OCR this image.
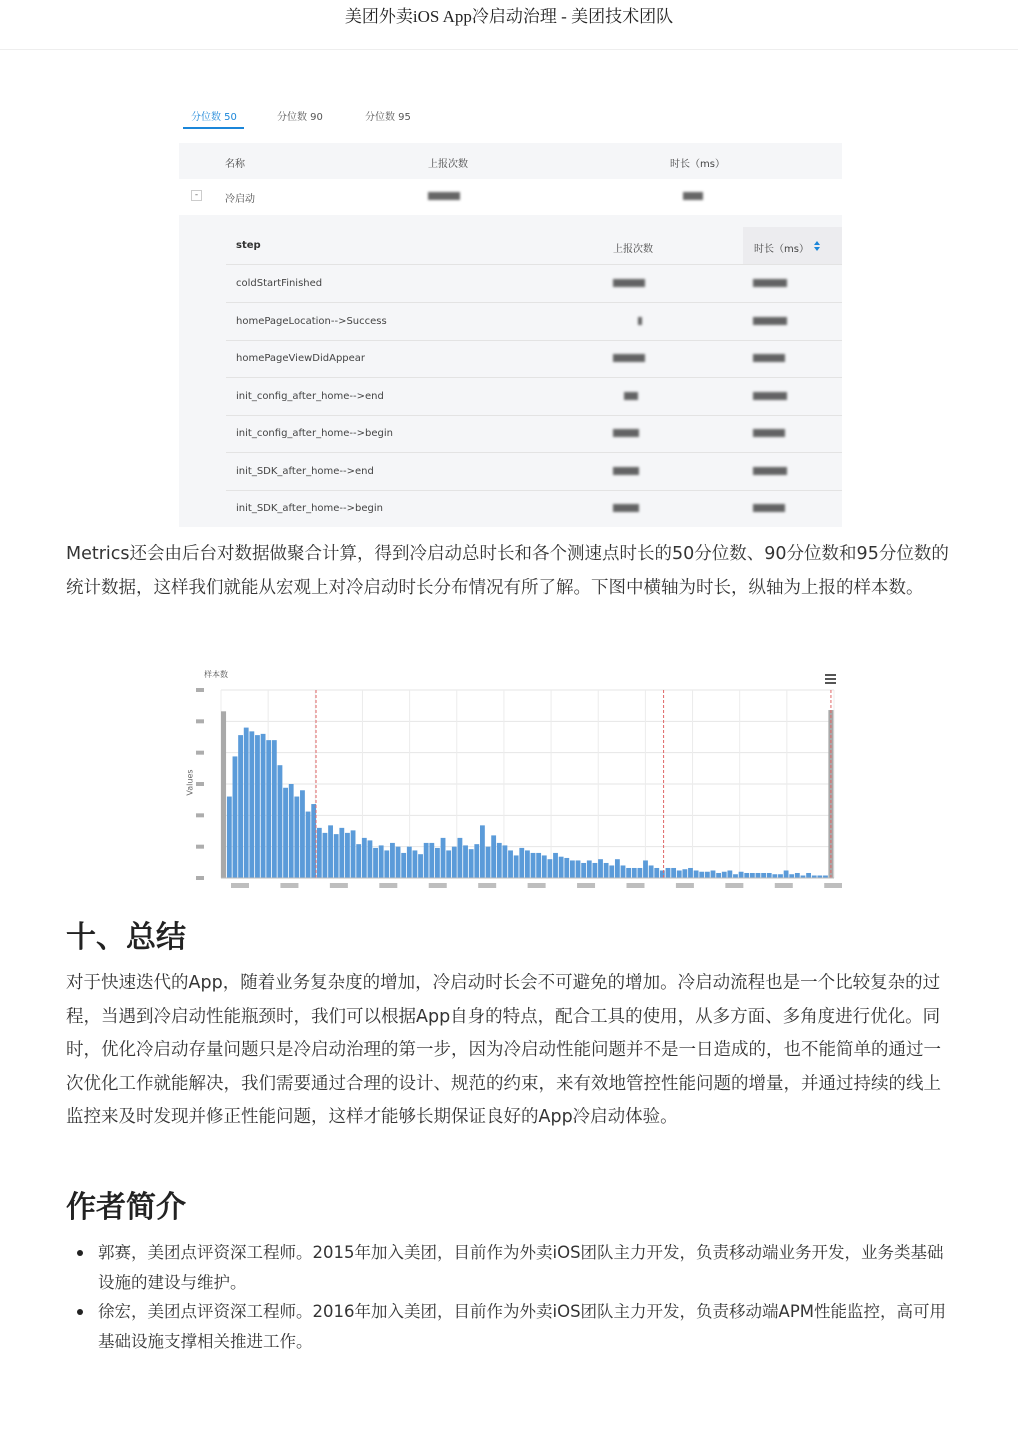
美团外卖iOS App冷启动治理 - 美团技术团队
分位数 50	分位数 90	分位数 95
名称	上报次数	时长（ms）
-	冷启动
step	上报次数	时长（ms）
coldStartFinished
homePageLocation-->Success
homePageViewDidAppear
init_config_after_home-->end
init_config_after_home-->begin
init_SDK_after_home-->end
init_SDK_after_home-->begin

Metrics还会由后台对数据做聚合计算，得到冷启动总时长和各个测速点时长的50分位数、90分位数和95分位数的统计数据，这样我们就能从宏观上对冷启动时长分布情况有所了解。下图中横轴为时长，纵轴为上报的样本数。

样本数
Values
十、总结

对于快速迭代的App，随着业务复杂度的增加，冷启动时长会不可避免的增加。冷启动流程也是一个比较复杂的过程，当遇到冷启动性能瓶颈时，我们可以根据App自身的特点，配合工具的使用，从多方面、多角度进行优化。同时，优化冷启动存量问题只是冷启动治理的第一步，因为冷启动性能问题并不是一日造成的，也不能简单的通过一次优化工作就能解决，我们需要通过合理的设计、规范的约束，来有效地管控性能问题的增量，并通过持续的线上监控来及时发现并修正性能问题，这样才能够长期保证良好的App冷启动体验。

作者简介
郭赛，美团点评资深工程师。2015年加入美团，目前作为外卖iOS团队主力开发，负责移动端业务开发，业务类基础设施的建设与维护。
徐宏，美团点评资深工程师。2016年加入美团，目前作为外卖iOS团队主力开发，负责移动端APM性能监控，高可用基础设施支撑相关推进工作。
